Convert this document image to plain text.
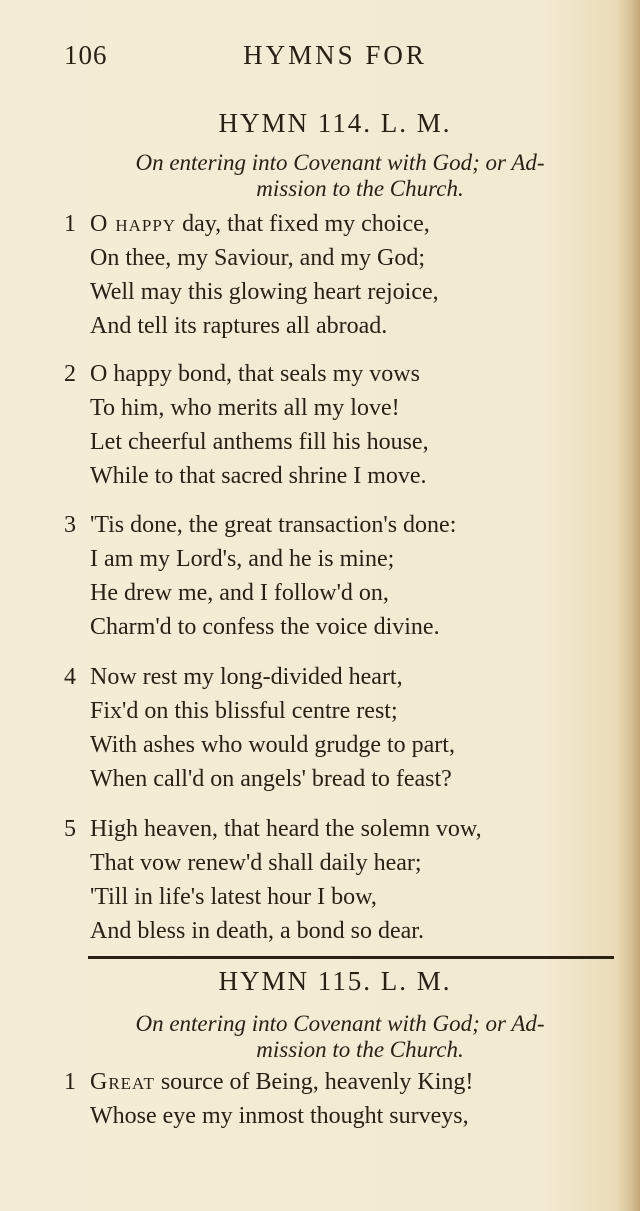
106	HYMNS FOR
HYMN 114. L. M.
On entering into Covenant with God; or Ad-
mission to the Church.
1 O happy day, that fixed my choice,
On thee, my Saviour, and my God;
Well may this glowing heart rejoice,
And tell its raptures all abroad.
2 O happy bond, that seals my vows
To him, who merits all my love!
Let cheerful anthems fill his house,
While to that sacred shrine I move.
3 'Tis done, the great transaction's done:
I am my Lord's, and he is mine;
He drew me, and I follow'd on,
Charm'd to confess the voice divine.
4 Now rest my long-divided heart,
Fix'd on this blissful centre rest;
With ashes who would grudge to part,
When call'd on angels' bread to feast?
5 High heaven, that heard the solemn vow,
That vow renew'd shall daily hear;
'Till in life's latest hour I bow,
And bless in death, a bond so dear.
HYMN 115. L. M.
On entering into Covenant with God; or Ad-
mission to the Church.
1 Great source of Being, heavenly King!
Whose eye my inmost thought surveys,
